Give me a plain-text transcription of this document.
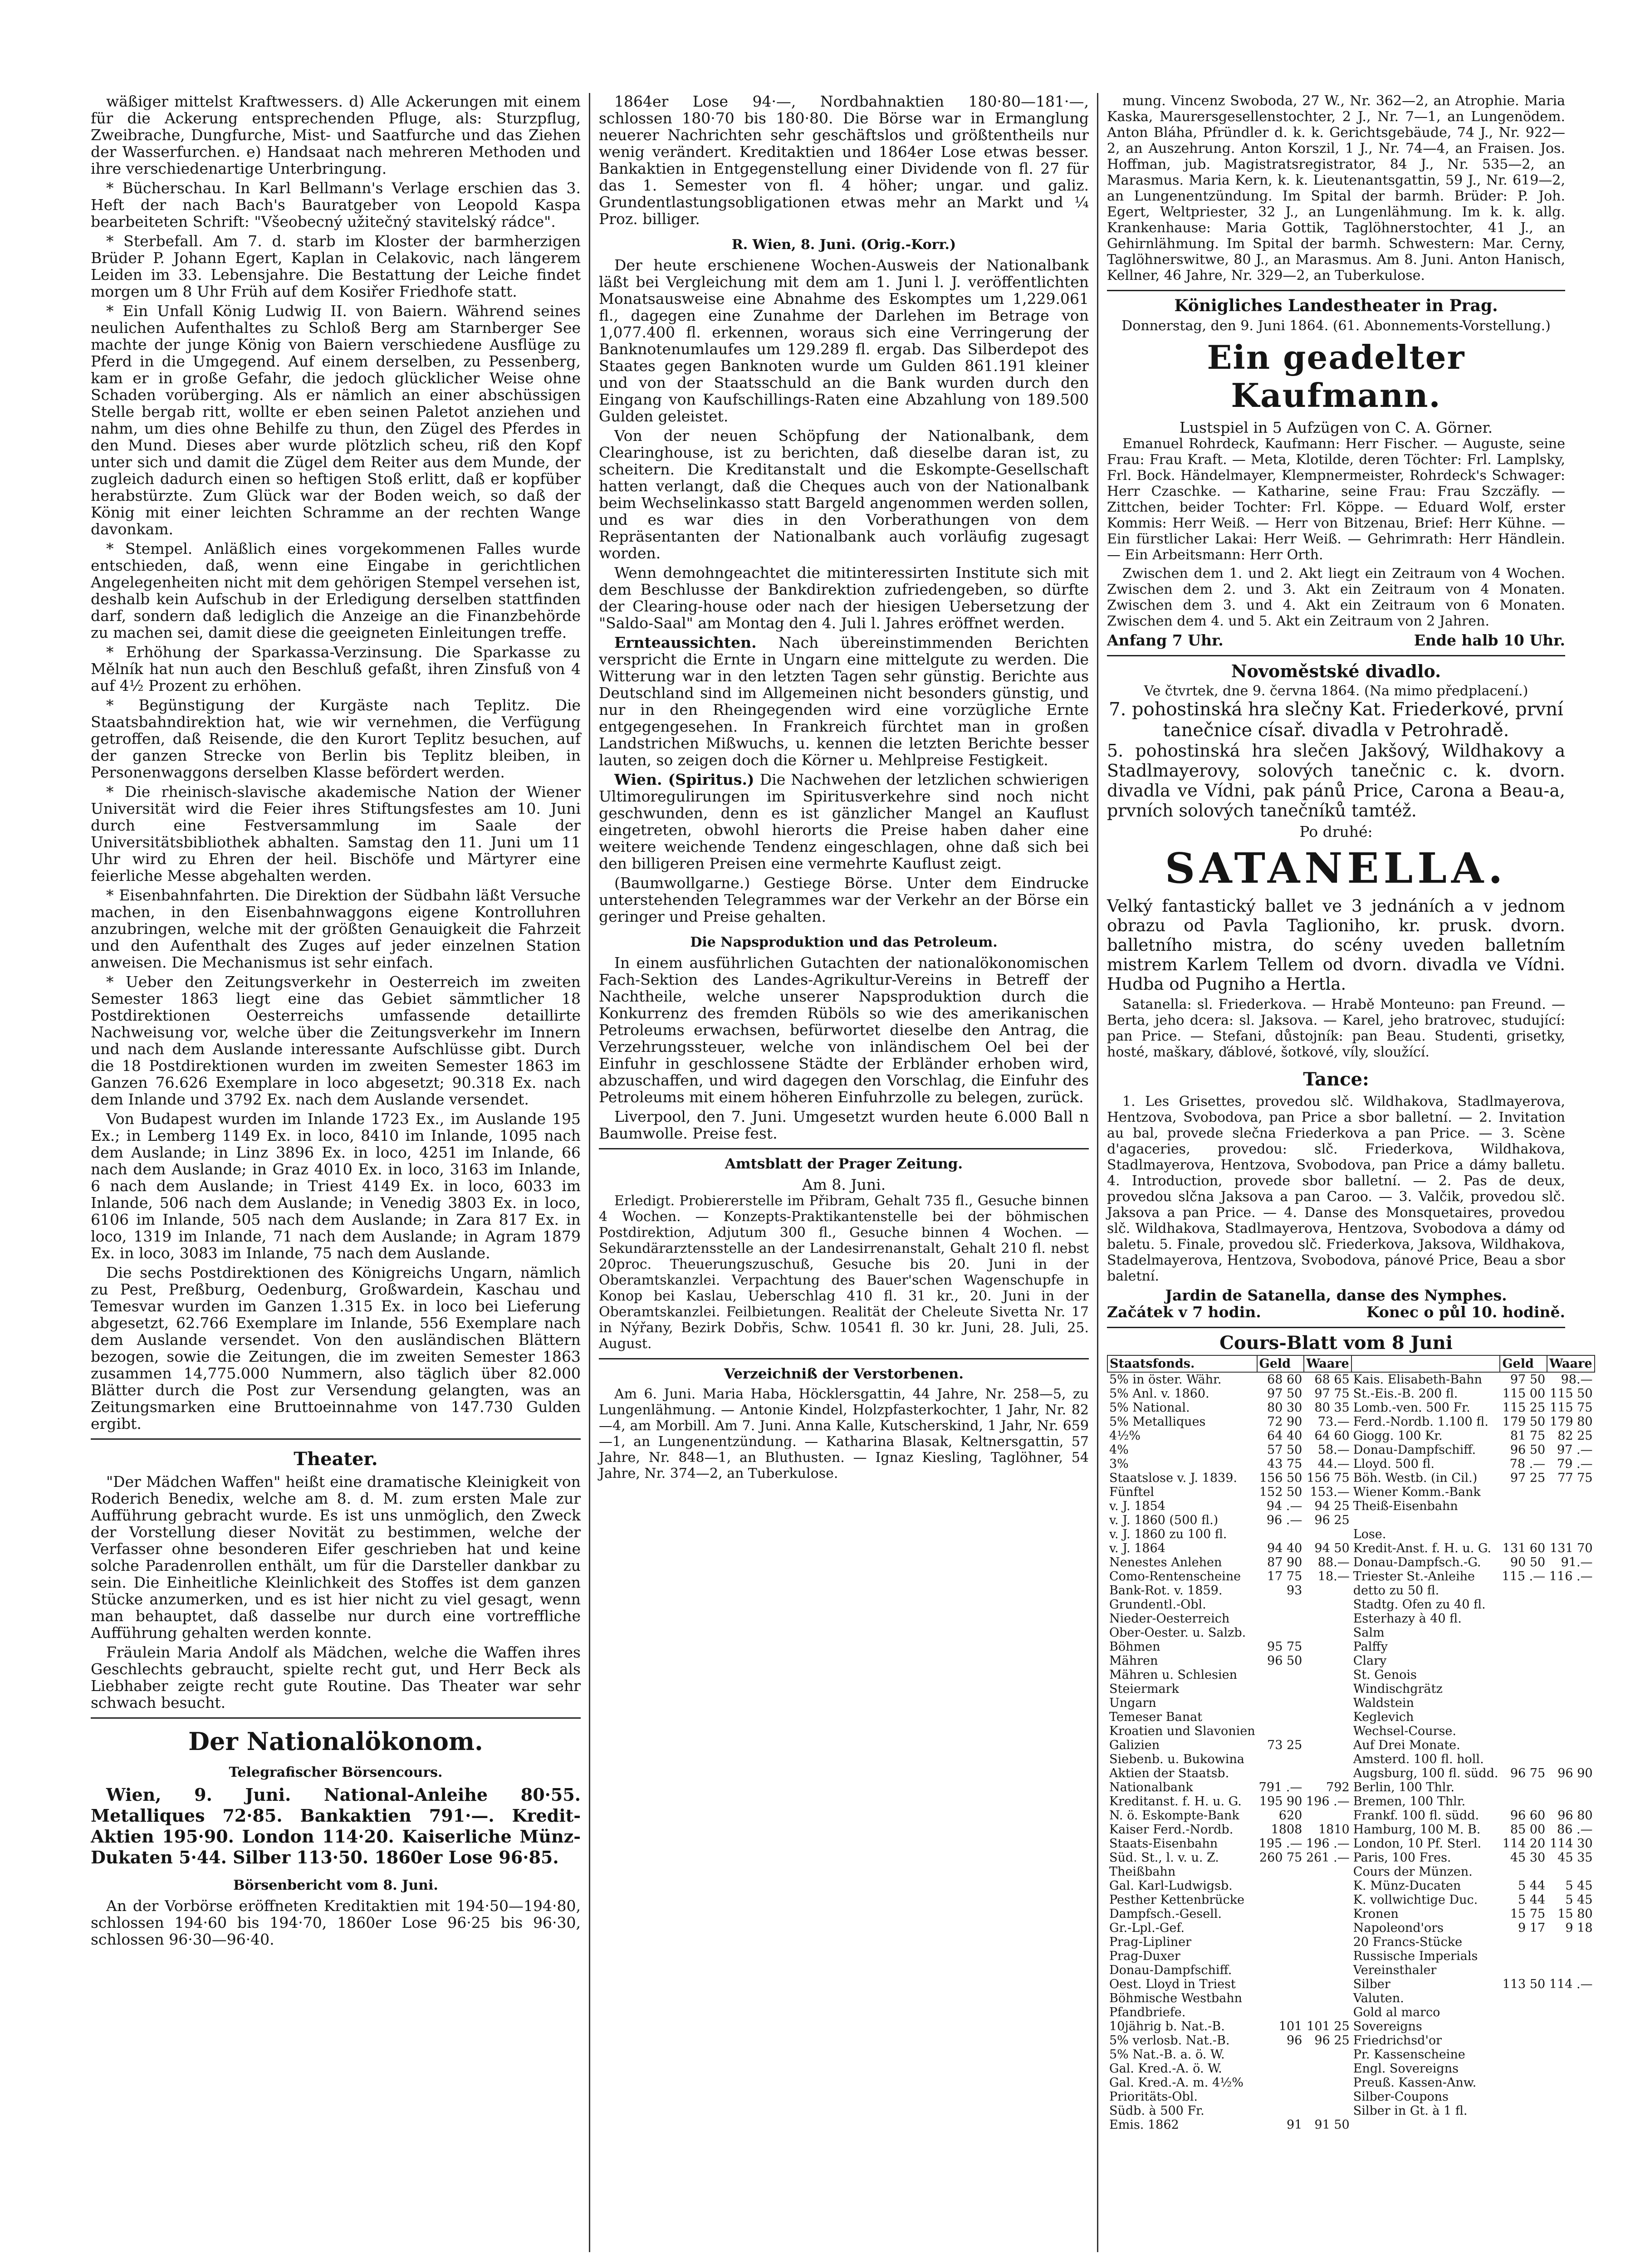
wäßiger mittelst Kraftwessers. d) Alle Ackerungen mit einem für die Ackerung entsprechenden Pfluge, als: Sturzpflug, Zweibrache, Dungfurche, Mist- und Saatfurche und das Ziehen der Wasserfurchen. e) Handsaat nach mehreren Methoden und ihre verschiedenartige Unterbringung.

* Bücherschau. In Karl Bellmann's Verlage erschien das 3. Heft der nach Bach's Bauratgeber von Leopold Kaspa bearbeiteten Schrift: "Všeobecný užitečný stavitelský rádce".

* Sterbefall. Am 7. d. starb im Kloster der barmherzigen Brüder P. Johann Egert, Kaplan in Celakovic, nach längerem Leiden im 33. Lebensjahre. Die Bestattung der Leiche findet morgen um 8 Uhr Früh auf dem Kosiřer Friedhofe statt.

* Ein Unfall König Ludwig II. von Baiern. Während seines neulichen Aufenthaltes zu Schloß Berg am Starnberger See machte der junge König von Baiern verschiedene Ausflüge zu Pferd in die Umgegend. Auf einem derselben, zu Pessenberg, kam er in große Gefahr, die jedoch glücklicher Weise ohne Schaden vorüberging. Als er nämlich an einer abschüssigen Stelle bergab ritt, wollte er eben seinen Paletot anziehen und nahm, um dies ohne Behilfe zu thun, den Zügel des Pferdes in den Mund. Dieses aber wurde plötzlich scheu, riß den Kopf unter sich und damit die Zügel dem Reiter aus dem Munde, der zugleich dadurch einen so heftigen Stoß erlitt, daß er kopfüber herabstürzte. Zum Glück war der Boden weich, so daß der König mit einer leichten Schramme an der rechten Wange davonkam.

* Stempel. Anläßlich eines vorgekommenen Falles wurde entschieden, daß, wenn eine Eingabe in gerichtlichen Angelegenheiten nicht mit dem gehörigen Stempel versehen ist, deshalb kein Aufschub in der Erledigung derselben stattfinden darf, sondern daß lediglich die Anzeige an die Finanzbehörde zu machen sei, damit diese die geeigneten Einleitungen treffe.

* Erhöhung der Sparkassa-Verzinsung. Die Sparkasse zu Mělník hat nun auch den Beschluß gefaßt, ihren Zinsfuß von 4 auf 4½ Prozent zu erhöhen.

* Begünstigung der Kurgäste nach Teplitz. Die Staatsbahndirektion hat, wie wir vernehmen, die Verfügung getroffen, daß Reisende, die den Kurort Teplitz besuchen, auf der ganzen Strecke von Berlin bis Teplitz bleiben, in Personenwaggons derselben Klasse befördert werden.

* Die rheinisch-slavische akademische Nation der Wiener Universität wird die Feier ihres Stiftungsfestes am 10. Juni durch eine Festversammlung im Saale der Universitätsbibliothek abhalten. Samstag den 11. Juni um 11 Uhr wird zu Ehren der heil. Bischöfe und Märtyrer eine feierliche Messe abgehalten werden.

* Eisenbahnfahrten. Die Direktion der Südbahn läßt Versuche machen, in den Eisenbahnwaggons eigene Kontrolluhren anzubringen, welche mit der größten Genauigkeit die Fahrzeit und den Aufenthalt des Zuges auf jeder einzelnen Station anweisen. Die Mechanismus ist sehr einfach.

* Ueber den Zeitungsverkehr in Oesterreich im zweiten Semester 1863 liegt eine das Gebiet sämmtlicher 18 Postdirektionen Oesterreichs umfassende detaillirte Nachweisung vor, welche über die Zeitungsverkehr im Innern und nach dem Auslande interessante Aufschlüsse gibt. Durch die 18 Postdirektionen wurden im zweiten Semester 1863 im Ganzen 76.626 Exemplare in loco abgesetzt; 90.318 Ex. nach dem Inlande und 3792 Ex. nach dem Auslande versendet.

Von Budapest wurden im Inlande 1723 Ex., im Auslande 195 Ex.; in Lemberg 1149 Ex. in loco, 8410 im Inlande, 1095 nach dem Auslande; in Linz 3896 Ex. in loco, 4251 im Inlande, 66 nach dem Auslande; in Graz 4010 Ex. in loco, 3163 im Inlande, 6 nach dem Auslande; in Triest 4149 Ex. in loco, 6033 im Inlande, 506 nach dem Auslande; in Venedig 3803 Ex. in loco, 6106 im Inlande, 505 nach dem Auslande; in Zara 817 Ex. in loco, 1319 im Inlande, 71 nach dem Auslande; in Agram 1879 Ex. in loco, 3083 im Inlande, 75 nach dem Auslande.

Die sechs Postdirektionen des Königreichs Ungarn, nämlich zu Pest, Preßburg, Oedenburg, Großwardein, Kaschau und Temesvar wurden im Ganzen 1.315 Ex. in loco bei Lieferung abgesetzt, 62.766 Exemplare im Inlande, 556 Exemplare nach dem Auslande versendet. Von den ausländischen Blättern bezogen, sowie die Zeitungen, die im zweiten Semester 1863 zusammen 14,775.000 Nummern, also täglich über 82.000 Blätter durch die Post zur Versendung gelangten, was an Zeitungsmarken eine Bruttoeinnahme von 147.730 Gulden ergibt.

Theater.

"Der Mädchen Waffen" heißt eine dramatische Kleinigkeit von Roderich Benedix, welche am 8. d. M. zum ersten Male zur Aufführung gebracht wurde. Es ist uns unmöglich, den Zweck der Vorstellung dieser Novität zu bestimmen, welche der Verfasser ohne besonderen Eifer geschrieben hat und keine solche Paradenrollen enthält, um für die Darsteller dankbar zu sein. Die Einheitliche Kleinlichkeit des Stoffes ist dem ganzen Stücke anzumerken, und es ist hier nicht zu viel gesagt, wenn man behauptet, daß dasselbe nur durch eine vortreffliche Aufführung gehalten werden konnte.

Fräulein Maria Andolf als Mädchen, welche die Waffen ihres Geschlechts gebraucht, spielte recht gut, und Herr Beck als Liebhaber zeigte recht gute Routine. Das Theater war sehr schwach besucht.

Der Nationalökonom.
Telegrafischer Börsencours.

Wien, 9. Juni. National-Anleihe 80·55. Metalliques 72·85. Bankaktien 791·—. Kredit-Aktien 195·90. London 114·20. Kaiserliche Münz-Dukaten 5·44. Silber 113·50. 1860er Lose 96·85.

Börsenbericht vom 8. Juni.

An der Vorbörse eröffneten Kreditaktien mit 194·50—194·80, schlossen 194·60 bis 194·70, 1860er Lose 96·25 bis 96·30, schlossen 96·30—96·40.

1864er Lose 94·—, Nordbahnaktien 180·80—181·—, schlossen 180·70 bis 180·80. Die Börse war in Ermanglung neuerer Nachrichten sehr geschäftslos und größtentheils nur wenig verändert. Kreditaktien und 1864er Lose etwas besser. Bankaktien in Entgegenstellung einer Dividende von fl. 27 für das 1. Semester von fl. 4 höher; ungar. und galiz. Grundentlastungsobligationen etwas mehr an Markt und ¼ Proz. billiger.

R. Wien, 8. Juni. (Orig.-Korr.)

Der heute erschienene Wochen-Ausweis der Nationalbank läßt bei Vergleichung mit dem am 1. Juni l. J. veröffentlichten Monatsausweise eine Abnahme des Eskomptes um 1,229.061 fl., dagegen eine Zunahme der Darlehen im Betrage von 1,077.400 fl. erkennen, woraus sich eine Verringerung der Banknotenumlaufes um 129.289 fl. ergab. Das Silberdepot des Staates gegen Banknoten wurde um Gulden 861.191 kleiner und von der Staatsschuld an die Bank wurden durch den Eingang von Kaufschillings-Raten eine Abzahlung von 189.500 Gulden geleistet.

Von der neuen Schöpfung der Nationalbank, dem Clearinghouse, ist zu berichten, daß dieselbe daran ist, zu scheitern. Die Kreditanstalt und die Eskompte-Gesellschaft hatten verlangt, daß die Cheques auch von der Nationalbank beim Wechselinkasso statt Bargeld angenommen werden sollen, und es war dies in den Vorberathungen von dem Repräsentanten der Nationalbank auch vorläufig zugesagt worden.

Wenn demohngeachtet die mitinteressirten Institute sich mit dem Beschlusse der Bankdirektion zufriedengeben, so dürfte der Clearing-house oder nach der hiesigen Uebersetzung der "Saldo-Saal" am Montag den 4. Juli l. Jahres eröffnet werden.

Ernteaussichten. Nach übereinstimmenden Berichten verspricht die Ernte in Ungarn eine mittelgute zu werden. Die Witterung war in den letzten Tagen sehr günstig. Berichte aus Deutschland sind im Allgemeinen nicht besonders günstig, und nur in den Rheingegenden wird eine vorzügliche Ernte entgegengesehen. In Frankreich fürchtet man in großen Landstrichen Mißwuchs, u. kennen die letzten Berichte besser lauten, so zeigen doch die Körner u. Mehlpreise Festigkeit.

Wien. (Spiritus.) Die Nachwehen der letzlichen schwierigen Ultimoregulirungen im Spiritusverkehre sind noch nicht geschwunden, denn es ist gänzlicher Mangel an Kauflust eingetreten, obwohl hierorts die Preise haben daher eine weitere weichende Tendenz eingeschlagen, ohne daß sich bei den billigeren Preisen eine vermehrte Kauflust zeigt.

(Baumwollgarne.) Gestiege Börse. Unter dem Eindrucke unterstehenden Telegrammes war der Verkehr an der Börse ein geringer und Preise gehalten.

Die Napsproduktion und das Petroleum.

In einem ausführlichen Gutachten der nationalökonomischen Fach-Sektion des Landes-Agrikultur-Vereins in Betreff der Nachtheile, welche unserer Napsproduktion durch die Konkurrenz des fremden Rüböls so wie des amerikanischen Petroleums erwachsen, befürwortet dieselbe den Antrag, die Verzehrungssteuer, welche von inländischem Oel bei der Einfuhr in geschlossene Städte der Erbländer erhoben wird, abzuschaffen, und wird dagegen den Vorschlag, die Einfuhr des Petroleums mit einem höheren Einfuhrzolle zu belegen, zurück.

Liverpool, den 7. Juni. Umgesetzt wurden heute 6.000 Ball n Baumwolle. Preise fest.

Amtsblatt der Prager Zeitung.
Am 8. Juni.

Erledigt. Probiererstelle im Přibram, Gehalt 735 fl., Gesuche binnen 4 Wochen. — Konzepts-Praktikantenstelle bei der böhmischen Postdirektion, Adjutum 300 fl., Gesuche binnen 4 Wochen. — Sekundärarztensstelle an der Landesirrenanstalt, Gehalt 210 fl. nebst 20proc. Theuerungszuschuß, Gesuche bis 20. Juni in der Oberamtskanzlei. Verpachtung des Bauer'schen Wagenschupfe in Konop bei Kaslau, Ueberschlag 410 fl. 31 kr., 20. Juni in der Oberamtskanzlei. Feilbietungen. Realität der Cheleute Sivetta Nr. 17 in Nýřany, Bezirk Dobřis, Schw. 10541 fl. 30 kr. Juni, 28. Juli, 25. August.

Verzeichniß der Verstorbenen.

Am 6. Juni. Maria Haba, Höcklersgattin, 44 Jahre, Nr. 258—5, zu Lungenlähmung. — Antonie Kindel, Holzpfasterkochter, 1 Jahr, Nr. 82—4, am Morbill. Am 7. Juni. Anna Kalle, Kutscherskind, 1 Jahr, Nr. 659—1, an Lungenentzündung. — Katharina Blasak, Keltnersgattin, 57 Jahre, Nr. 848—1, an Bluthusten. — Ignaz Kiesling, Taglöhner, 54 Jahre, Nr. 374—2, an Tuberkulose.

mung. Vincenz Swoboda, 27 W., Nr. 362—2, an Atrophie. Maria Kaska, Maurersgesellenstochter, 2 J., Nr. 7—1, an Lungenödem. Anton Bláha, Pfründler d. k. k. Gerichtsgebäude, 74 J., Nr. 922—2, an Auszehrung. Anton Korszil, 1 J., Nr. 74—4, an Fraisen. Jos. Hoffman, jub. Magistratsregistrator, 84 J., Nr. 535—2, an Marasmus. Maria Kern, k. k. Lieutenantsgattin, 59 J., Nr. 619—2, an Lungenentzündung. Im Spital der barmh. Brüder: P. Joh. Egert, Weltpriester, 32 J., an Lungenlähmung. Im k. k. allg. Krankenhause: Maria Gottik, Taglöhnerstochter, 41 J., an Gehirnlähmung. Im Spital der barmh. Schwestern: Mar. Cerny, Taglöhnerswitwe, 80 J., an Marasmus. Am 8. Juni. Anton Hanisch, Kellner, 46 Jahre, Nr. 329—2, an Tuberkulose.

Königliches Landestheater in Prag.
Donnerstag, den 9. Juni 1864. (61. Abonnements-Vorstellung.)
Ein geadelter Kaufmann.
Lustspiel in 5 Aufzügen von C. A. Görner.

Emanuel Rohrdeck, Kaufmann: Herr Fischer. — Auguste, seine Frau: Frau Kraft. — Meta, Klotilde, deren Töchter: Frl. Lamplsky, Frl. Bock. Händelmayer, Klempnermeister, Rohrdeck's Schwager: Herr Czaschke. — Katharine, seine Frau: Frau Szczäfly. — Zittchen, beider Tochter: Frl. Köppe. — Eduard Wolf, erster Kommis: Herr Weiß. — Herr von Bitzenau, Brief: Herr Kühne. — Ein fürstlicher Lakai: Herr Weiß. — Gehrimrath: Herr Händlein. — Ein Arbeitsmann: Herr Orth.

Zwischen dem 1. und 2. Akt liegt ein Zeitraum von 4 Wochen. Zwischen dem 2. und 3. Akt ein Zeitraum von 4 Monaten. Zwischen dem 3. und 4. Akt ein Zeitraum von 6 Monaten. Zwischen dem 4. und 5. Akt ein Zeitraum von 2 Jahren.

Anfang 7 Uhr.	Ende halb 10 Uhr.
Novoměstské divadlo.
Ve čtvrtek, dne 9. června 1864. (Na mimo předplacení.)
7. pohostinská hra slečny Kat. Friederkové, první tanečnice císař. divadla v Petrohradě.

5. pohostinská hra slečen Jakšový, Wildhakovy a Stadlmayerovy, solových tanečnic c. k. dvorn. divadla ve Vídni, pak pánů Price, Carona a Beau-a, prvních solových tanečníků tamtéž.

Po druhé:
SATANELLA.

Velký fantastický ballet ve 3 jednáních a v jednom obrazu od Pavla Taglioniho, kr. prusk. dvorn. balletního mistra, do scény uveden balletním mistrem Karlem Tellem od dvorn. divadla ve Vídni. Hudba od Pugniho a Hertla.

Satanella: sl. Friederkova. — Hrabě Monteuno: pan Freund. — Berta, jeho dcera: sl. Jaksova. — Karel, jeho bratrovec, studující: pan Price. — Stefani, důstojník: pan Beau. Studenti, grisetky, hosté, maškary, ďáblové, šotkové, víly, sloužící.

Tance:

1. Les Grisettes, provedou slč. Wildhakova, Stadlmayerova, Hentzova, Svobodova, pan Price a sbor balletní. — 2. Invitation au bal, provede slečna Friederkova a pan Price. — 3. Scène d'agaceries, provedou: slč. Friederkova, Wildhakova, Stadlmayerova, Hentzova, Svobodova, pan Price a dámy balletu. 4. Introduction, provede sbor balletní. — 2. Pas de deux, provedou slčna Jaksova a pan Caroo. — 3. Valčik, provedou slč. Jaksova a pan Price. — 4. Danse des Monsquetaires, provedou slč. Wildhakova, Stadlmayerova, Hentzova, Svobodova a dámy od baletu. 5. Finale, provedou slč. Friederkova, Jaksova, Wildhakova, Stadelmayerova, Hentzova, Svobodova, pánové Price, Beau a sbor baletní.

Jardin de Satanella, danse des Nymphes.
Začátek v 7 hodin.	Konec o půl 10. hodině.
Cours-Blatt vom 8 Juni
Staatsfonds.	Geld	Waare		Geld	Waare
5% in öster. Währ.	68 60	68 65	Kais. Elisabeth-Bahn	97 50	98.—
5% Anl. v. 1860.	97 50	97 75	St.-Eis.-B. 200 fl.	115 00	115 50
5% National.	80 30	80 35	Lomb.-ven. 500 Fr.	115 25	115 75
5% Metalliques	72 90	73.—	Ferd.-Nordb. 1.100 fl.	179 50	179 80
4½%	64 40	64 60	Giogg. 100 Kr.	81 75	82 25
4%	57 50	58.—	Donau-Dampfschiff.	96 50	97 .—
3%	43 75	44.—	Lloyd. 500 fl.	78 .—	79 .—
Staatslose v. J. 1839.	156 50	156 75	Böh. Westb. (in Cil.)	97 25	77 75
Fünftel	152 50	153.—	Wiener Komm.-Bank		
v. J. 1854	94 .—	94 25	Theiß-Eisenbahn		
v. J. 1860 (500 fl.)	96 .—	96 25			
v. J. 1860 zu 100 fl.			Lose.		
v. J. 1864	94 40	94 50	Kredit-Anst. f. H. u. G.	131 60	131 70
Nenestes Anlehen	87 90	88.—	Donau-Dampfsch.-G.	90 50	91.—
Como-Rentenscheine	17 75	18.—	Triester St.-Anleihe	115 .—	116 .—
Bank-Rot. v. 1859.	93		detto zu 50 fl.		
Grundentl.-Obl.			Stadtg. Ofen zu 40 fl.		
Nieder-Oesterreich			Esterhazy à 40 fl.		
Ober-Oester. u. Salzb.			Salm		
Böhmen	95 75		Palffy		
Mähren	96 50		Clary		
Mähren u. Schlesien			St. Genois		
Steiermark			Windischgrätz		
Ungarn			Waldstein		
Temeser Banat			Keglevich		
Kroatien und Slavonien			Wechsel-Course.		
Galizien	73 25		Auf Drei Monate.		
Siebenb. u. Bukowina			Amsterd. 100 fl. holl.		
Aktien der Staatsb.			Augsburg, 100 fl. südd.	96 75	96 90
Nationalbank	791 .—	792	Berlin, 100 Thlr.		
Kreditanst. f. H. u. G.	195 90	196 .—	Bremen, 100 Thlr.		
N. ö. Eskompte-Bank	620		Frankf. 100 fl. südd.	96 60	96 80
Kaiser Ferd.-Nordb.	1808	1810	Hamburg, 100 M. B.	85 00	86 .—
Staats-Eisenbahn	195 .—	196 .—	London, 10 Pf. Sterl.	114 20	114 30
Süd. St., l. v. u. Z.	260 75	261 .—	Paris, 100 Fres.	45 30	45 35
Theißbahn			Cours der Münzen.		
Gal. Karl-Ludwigsb.			K. Münz-Ducaten	5 44	5 45
Pesther Kettenbrücke			K. vollwichtige Duc.	5 44	5 45
Dampfsch.-Gesell.			Kronen	15 75	15 80
Gr.-Lpl.-Gef.			Napoleond'ors	9 17	9 18
Prag-Lipliner			20 Francs-Stücke		
Prag-Duxer			Russische Imperials		
Donau-Dampfschiff.			Vereinsthaler		
Oest. Lloyd in Triest			Silber	113 50	114 .—
Böhmische Westbahn			Valuten.		
Pfandbriefe.			Gold al marco		
10jährig b. Nat.-B.	101	101 25	Sovereigns		
5% verlosb. Nat.-B.	96	96 25	Friedrichsd'or		
5% Nat.-B. a. ö. W.			Pr. Kassenscheine		
Gal. Kred.-A. ö. W.			Engl. Sovereigns		
Gal. Kred.-A. m. 4½%			Preuß. Kassen-Anw.		
Prioritäts-Obl.			Silber-Coupons		
Südb. à 500 Fr.			Silber in Gt. à 1 fl.		
Emis. 1862	91	91 50			
